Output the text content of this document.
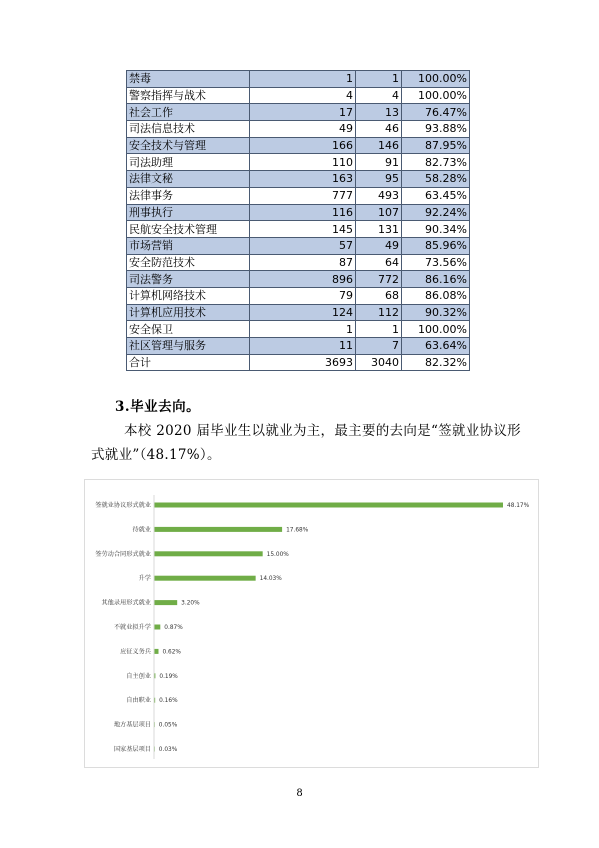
禁毒	1	1	100.00%
警察指挥与战术	4	4	100.00%
社会工作	17	13	76.47%
司法信息技术	49	46	93.88%
安全技术与管理	166	146	87.95%
司法助理	110	91	82.73%
法律文秘	163	95	58.28%
法律事务	777	493	63.45%
刑事执行	116	107	92.24%
民航安全技术管理	145	131	90.34%
市场营销	57	49	85.96%
安全防范技术	87	64	73.56%
司法警务	896	772	86.16%
计算机网络技术	79	68	86.08%
计算机应用技术	124	112	90.32%
安全保卫	1	1	100.00%
社区管理与服务	11	7	63.64%
合计	3693	3040	82.32%
3.毕业去向。
本校 2020 届毕业生以就业为主，最主要的去向是“签就业协议形
式就业”（48.17%）。
签就业协议形式就业	48.17%
待就业	17.68%
签劳动合同形式就业	15.00%
升学	14.03%
其他录用形式就业	3.20%
不就业拟升学 0.87%
应征义务兵 0.62%
自主创业 0.19%
自由职业 0.16%
地方基层项目 0.05%
国家基层项目 0.03%
8
